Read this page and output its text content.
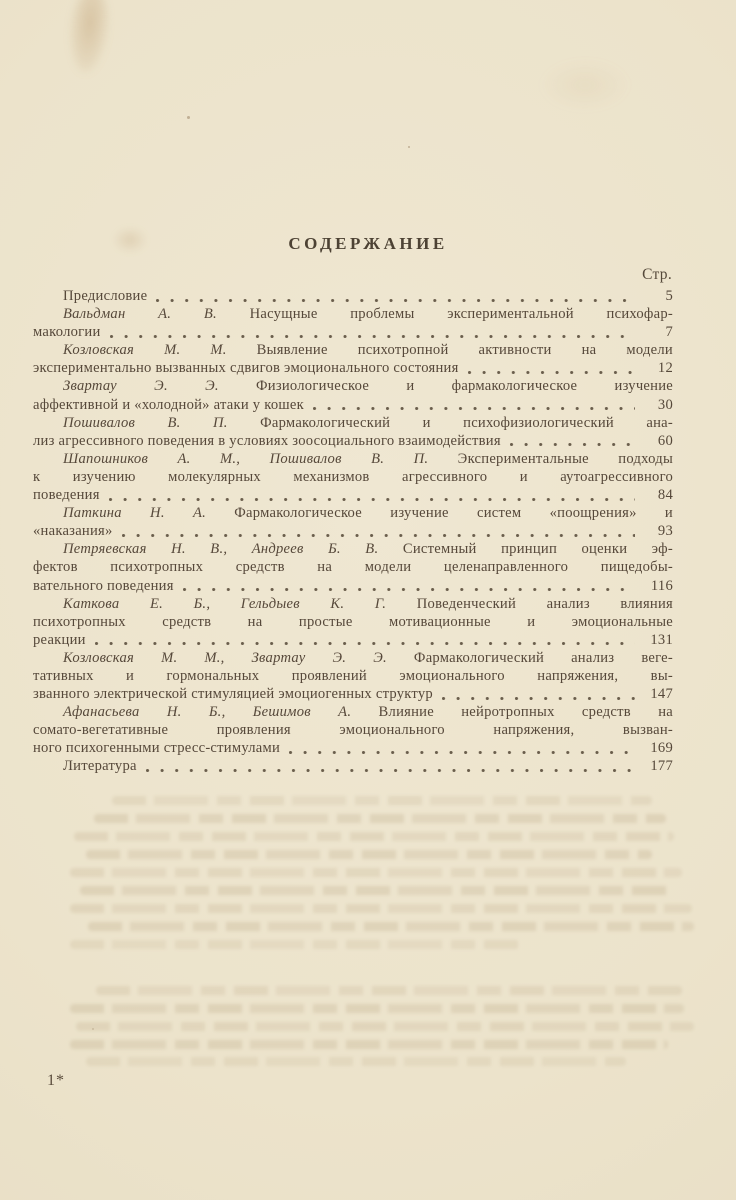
СОДЕРЖАНИЕ
Стр.
Предисловие	5
Вальдман А. В. Насущные проблемы экспериментальной психофар-
макологии	7
Козловская М. М. Выявление психотропной активности на модели
экспериментально вызванных сдвигов эмоционального состояния	12
Звартау Э. Э. Физиологическое и фармакологическое изучение
аффективной и «холодной» атаки у кошек	30
Пошивалов В. П. Фармакологический и психофизиологический ана-
лиз агрессивного поведения в условиях зоосоциального взаимодействия	60
Шапошников А. М., Пошивалов В. П. Экспериментальные подходы
к изучению молекулярных механизмов агрессивного и аутоагрессивного
поведения	84
Паткина Н. А. Фармакологическое изучение систем «поощрения» и
«наказания»	93
Петряевская Н. В., Андреев Б. В. Системный принцип оценки эф-
фектов психотропных средств на модели целенаправленного пищедобы-
вательного поведения	116
Каткова Е. Б., Гельдыев К. Г. Поведенческий анализ влияния
психотропных средств на простые мотивационные и эмоциональные
реакции	131
Козловская М. М., Звартау Э. Э. Фармакологический анализ веге-
тативных и гормональных проявлений эмоционального напряжения, вы-
званного электрической стимуляцией эмоциогенных структур	147
Афанасьева Н. Б., Бешимов А. Влияние нейротропных средств на
сомато-вегетативные проявления эмоционального напряжения, вызван-
ного психогенными стресс-стимулами	169
Литература	177
1*
